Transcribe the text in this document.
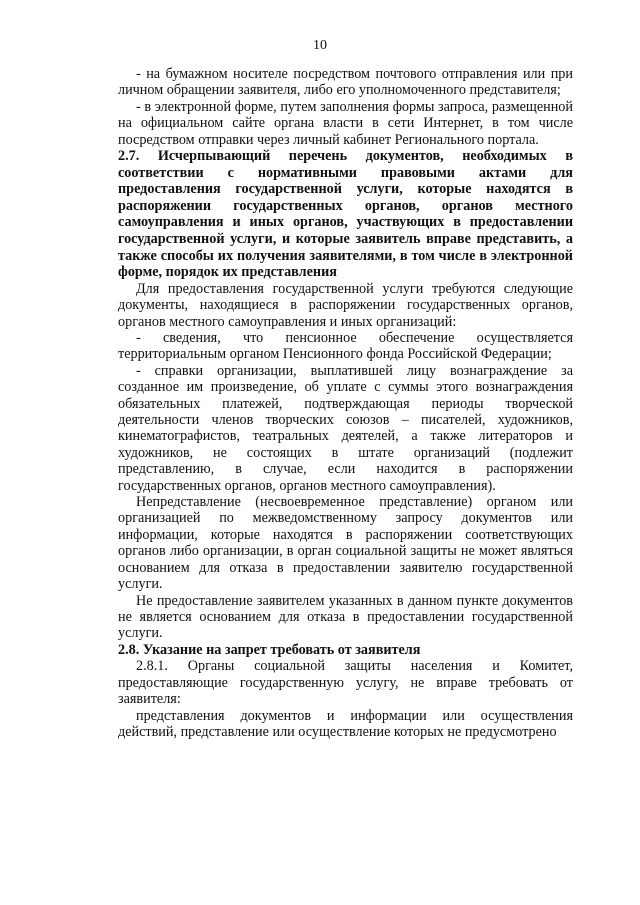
10

- на бумажном носителе посредством почтового отправления или при личном обращении заявителя, либо его уполномоченного представителя;

- в электронной форме, путем заполнения формы запроса, размещенной на официальном сайте органа власти в сети Интернет, в том числе посредством отправки через личный кабинет Регионального портала.

2.7. Исчерпывающий перечень документов, необходимых в соответствии с нормативными правовыми актами для предоставления государственной услуги, которые находятся в распоряжении государственных органов, органов местного самоуправления и иных органов, участвующих в предоставлении государственной услуги, и которые заявитель вправе представить, а также способы их получения заявителями, в том числе в электронной форме, порядок их представления

Для предоставления государственной услуги требуются следующие документы, находящиеся в распоряжении государственных органов, органов местного самоуправления и иных организаций:

- сведения, что пенсионное обеспечение осуществляется территориальным органом Пенсионного фонда Российской Федерации;

- справки организации, выплатившей лицу вознаграждение за созданное им произведение, об уплате с суммы этого вознаграждения обязательных платежей, подтверждающая периоды творческой деятельности членов творческих союзов – писателей, художников, кинематографистов, театральных деятелей, а также литераторов и художников, не состоящих в штате организаций (подлежит представлению, в случае, если находится в распоряжении государственных органов, органов местного самоуправления).

Непредставление (несвоевременное представление) органом или организацией по межведомственному запросу документов или информации, которые находятся в распоряжении соответствующих органов либо организации, в орган социальной защиты не может являться основанием для отказа в предоставлении заявителю государственной услуги.

Не предоставление заявителем указанных в данном пункте документов не является основанием для отказа в предоставлении государственной услуги.

2.8. Указание на запрет требовать от заявителя

2.8.1. Органы социальной защиты населения и Комитет, предоставляющие государственную услугу, не вправе требовать от заявителя:

представления документов и информации или осуществления действий, представление или осуществление которых не предусмотрено
